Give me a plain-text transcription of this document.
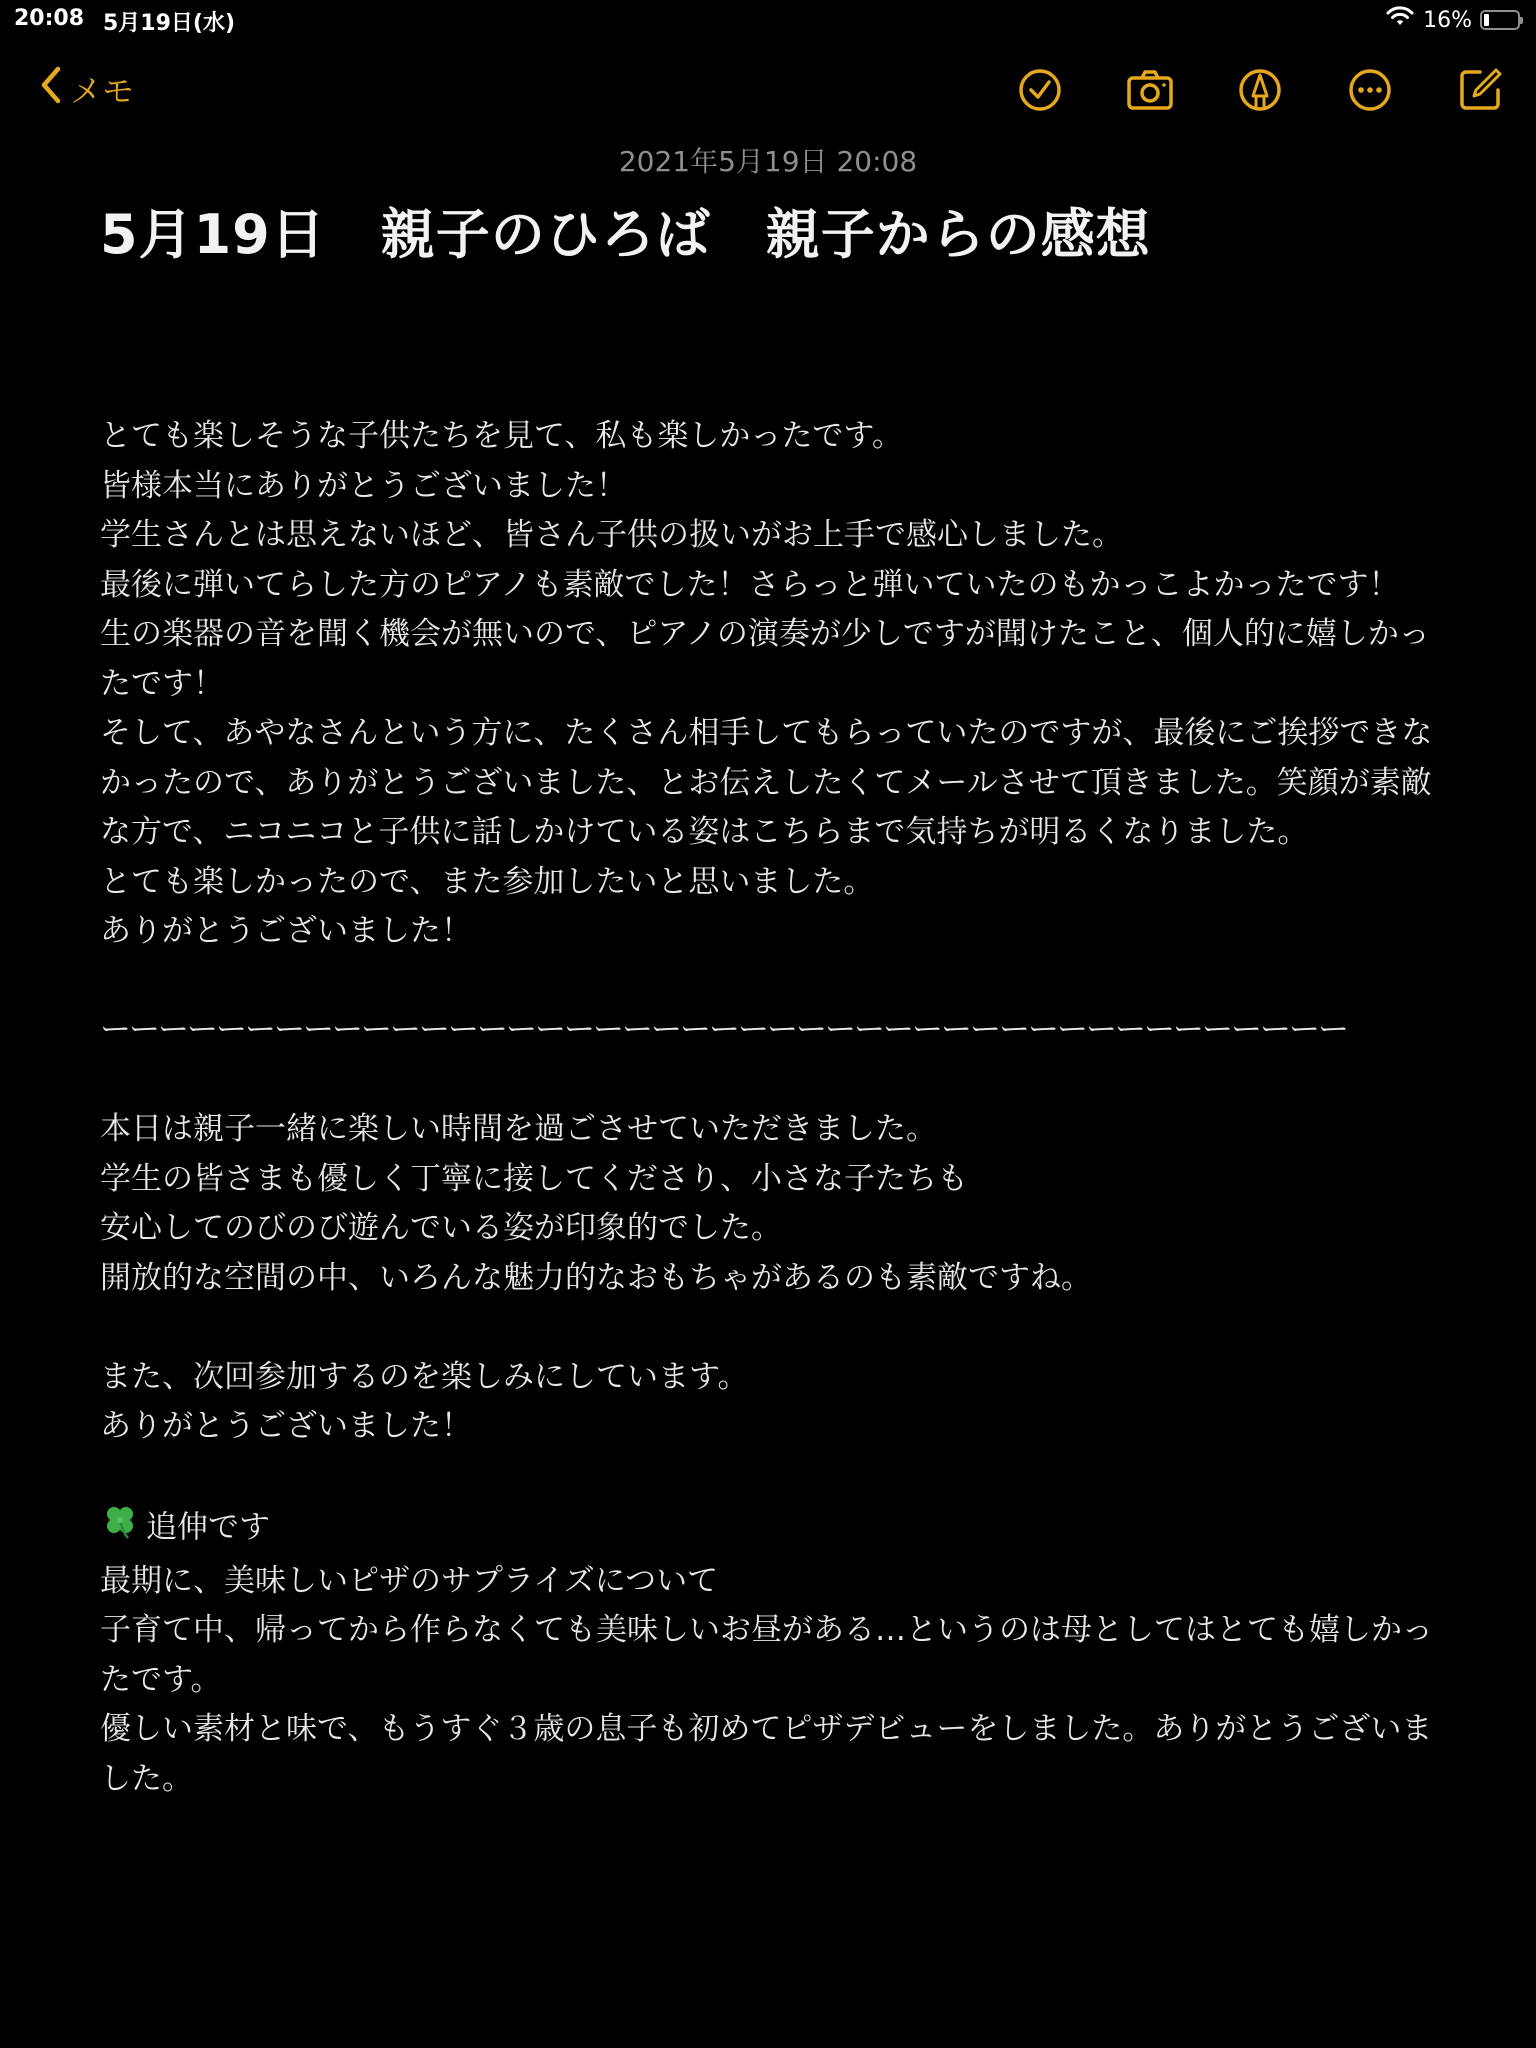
20:08 5月19日(水)	16%
メモ
2021年5月19日 20:08
5月19日　親子のひろば　親子からの感想

とても楽しそうな子供たちを見て、私も楽しかったです。

皆様本当にありがとうございました！

学生さんとは思えないほど、皆さん子供の扱いがお上手で感心しました。

最後に弾いてらした方のピアノも素敵でした！さらっと弾いていたのもかっこよかったです！

生の楽器の音を聞く機会が無いので、ピアノの演奏が少しですが聞けたこと、個人的に嬉しかったです！

そして、あやなさんという方に、たくさん相手してもらっていたのですが、最後にご挨拶できなかったので、ありがとうございました、とお伝えしたくてメールさせて頂きました。笑顔が素敵な方で、ニコニコと子供に話しかけている姿はこちらまで気持ちが明るくなりました。

とても楽しかったので、また参加したいと思いました。

ありがとうございました！

ーーーーーーーーーーーーーーーーーーーーーーーーーーーーーーーーーーーーーーーーーーー

本日は親子一緒に楽しい時間を過ごさせていただきました。

学生の皆さまも優しく丁寧に接してくださり、小さな子たちも

安心してのびのび遊んでいる姿が印象的でした。

開放的な空間の中、いろんな魅力的なおもちゃがあるのも素敵ですね。

また、次回参加するのを楽しみにしています。

ありがとうございました！

追伸です

最期に、美味しいピザのサプライズについて

子育て中、帰ってから作らなくても美味しいお昼がある…というのは母としてはとても嬉しかったです。

優しい素材と味で、もうすぐ３歳の息子も初めてピザデビューをしました。ありがとうございました。
